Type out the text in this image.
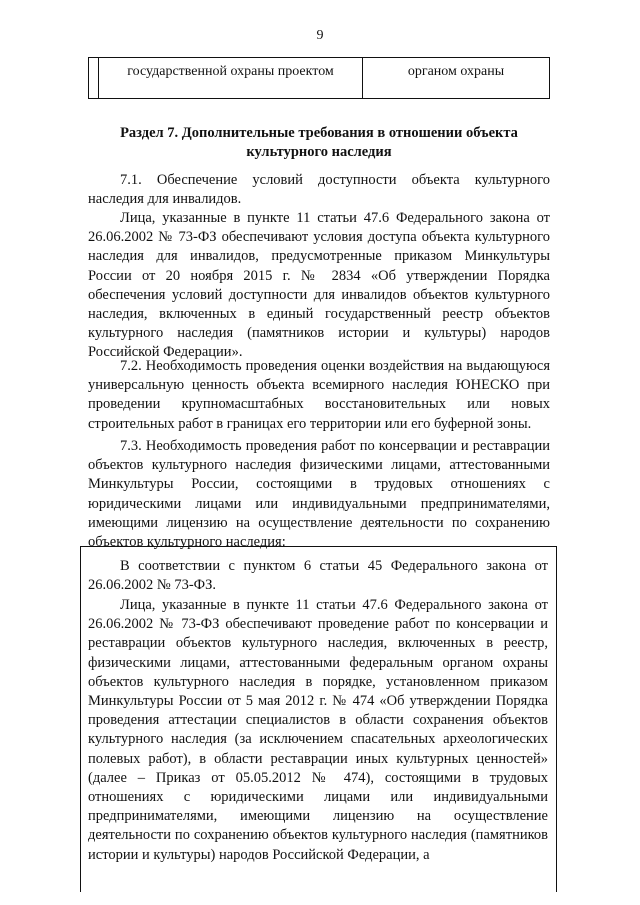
9
	государственной охраны проектом	органом охраны
Раздел 7. Дополнительные требования в отношении объекта культурного наследия

7.1. Обеспечение условий доступности объекта культурного наследия для инвалидов.

Лица, указанные в пункте 11 статьи 47.6 Федерального закона от 26.06.2002 № 73-ФЗ обеспечивают условия доступа объекта культурного наследия для инвалидов, предусмотренные приказом Минкультуры России от 20 ноября 2015 г. № 2834 «Об утверждении Порядка обеспечения условий доступности для инвалидов объектов культурного наследия, включенных в единый государственный реестр объектов культурного наследия (памятников истории и культуры) народов Российской Федерации».

7.2. Необходимость проведения оценки воздействия на выдающуюся универсальную ценность объекта всемирного наследия ЮНЕСКО при проведении крупномасштабных восстановительных или новых строительных работ в границах его территории или его буферной зоны.

7.3. Необходимость проведения работ по консервации и реставрации объектов культурного наследия физическими лицами, аттестованными Минкультуры России, состоящими в трудовых отношениях с юридическими лицами или индивидуальными предпринимателями, имеющими лицензию на осуществление деятельности по сохранению объектов культурного наследия:

В соответствии с пунктом 6 статьи 45 Федерального закона от 26.06.2002 № 73-ФЗ.

Лица, указанные в пункте 11 статьи 47.6 Федерального закона от 26.06.2002 № 73-ФЗ обеспечивают проведение работ по консервации и реставрации объектов культурного наследия, включенных в реестр, физическими лицами, аттестованными федеральным органом охраны объектов культурного наследия в порядке, установленном приказом Минкультуры России от 5 мая 2012 г. № 474 «Об утверждении Порядка проведения аттестации специалистов в области сохранения объектов культурного наследия (за исключением спасательных археологических полевых работ), в области реставрации иных культурных ценностей» (далее – Приказ от 05.05.2012 № 474), состоящими в трудовых отношениях с юридическими лицами или индивидуальными предпринимателями, имеющими лицензию на осуществление деятельности по сохранению объектов культурного наследия (памятников истории и культуры) народов Российской Федерации, а
